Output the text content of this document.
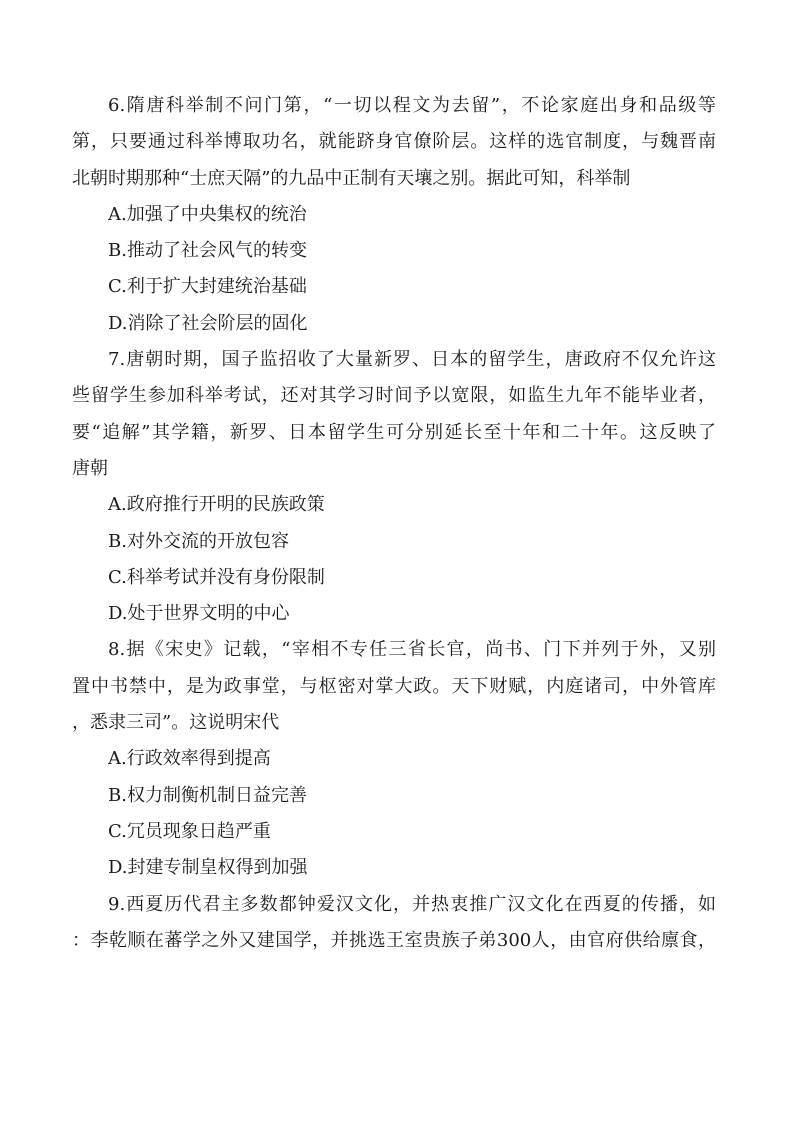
6.隋唐科举制不问门第，“一切以程文为去留”，不论家庭出身和品级等
第，只要通过科举博取功名，就能跻身官僚阶层。这样的选官制度，与魏晋南
北朝时期那种“士庶天隔”的九品中正制有天壤之别。据此可知，科举制
A.加强了中央集权的统治
B.推动了社会风气的转变
C.利于扩大封建统治基础
D.消除了社会阶层的固化
7.唐朝时期，国子监招收了大量新罗、日本的留学生，唐政府不仅允许这
些留学生参加科举考试，还对其学习时间予以宽限，如监生九年不能毕业者，
要“追解”其学籍，新罗、日本留学生可分别延长至十年和二十年。这反映了
唐朝
A.政府推行开明的民族政策
B.对外交流的开放包容
C.科举考试并没有身份限制
D.处于世界文明的中心
8.据《宋史》记载，“宰相不专任三省长官，尚书、门下并列于外，又别
置中书禁中，是为政事堂，与枢密对掌大政。天下财赋，内庭诸司，中外管库
，悉隶三司”。这说明宋代
A.行政效率得到提高
B.权力制衡机制日益完善
C.冗员现象日趋严重
D.封建专制皇权得到加强
9.西夏历代君主多数都钟爱汉文化，并热衷推广汉文化在西夏的传播，如
：李乾顺在蕃学之外又建国学，并挑选王室贵族子弟300人，由官府供给廪食，
